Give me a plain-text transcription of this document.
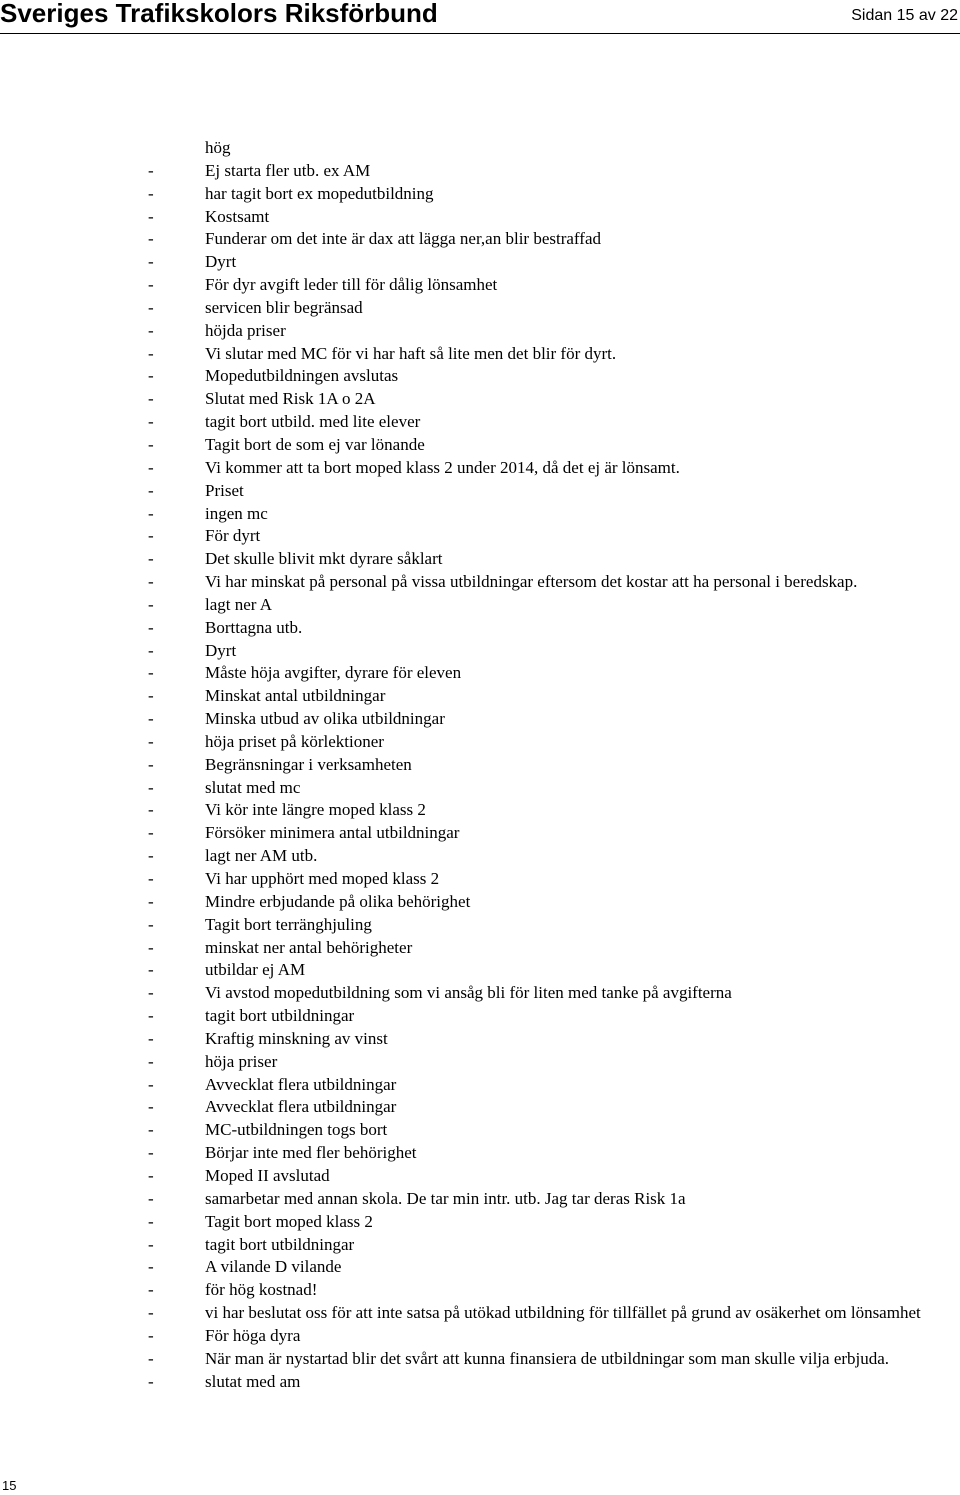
Sveriges Trafikskolors Riksförbund	Sidan 15 av 22
hög
-	Ej starta fler utb. ex AM
-	har tagit bort ex mopedutbildning
-	Kostsamt
-	Funderar om det inte är dax att lägga ner,an blir bestraffad
-	Dyrt
-	För dyr avgift leder till för dålig lönsamhet
-	servicen blir begränsad
-	höjda priser
-	Vi slutar med MC för vi har haft så lite men det blir för dyrt.
-	Mopedutbildningen avslutas
-	Slutat med Risk 1A o 2A
-	tagit bort utbild. med lite elever
-	Tagit bort de som ej var lönande
-	Vi kommer att ta bort moped klass 2 under 2014, då det ej är lönsamt.
-	Priset
-	ingen mc
-	För dyrt
-	Det skulle blivit mkt dyrare såklart
-	Vi har minskat på personal på vissa utbildningar eftersom det kostar att ha personal i beredskap.
-	lagt ner A
-	Borttagna utb.
-	Dyrt
-	Måste höja avgifter, dyrare för eleven
-	Minskat antal utbildningar
-	Minska utbud av olika utbildningar
-	höja priset på körlektioner
-	Begränsningar i verksamheten
-	slutat med mc
-	Vi kör inte längre moped klass 2
-	Försöker minimera antal utbildningar
-	lagt ner AM utb.
-	Vi har upphört med moped klass 2
-	Mindre erbjudande på olika behörighet
-	Tagit bort terränghjuling
-	minskat ner antal behörigheter
-	utbildar ej AM
-	Vi avstod mopedutbildning som vi ansåg bli för liten med tanke på avgifterna
-	tagit bort utbildningar
-	Kraftig minskning av vinst
-	höja priser
-	Avvecklat flera utbildningar
-	Avvecklat flera utbildningar
-	MC-utbildningen togs bort
-	Börjar inte med fler behörighet
-	Moped II avslutad
-	samarbetar med annan skola. De tar min intr. utb. Jag tar deras Risk 1a
-	Tagit bort moped klass 2
-	tagit bort utbildningar
-	A vilande D vilande
-	för hög kostnad!
-	vi har beslutat oss för att inte satsa på utökad utbildning för tillfället på grund av osäkerhet om lönsamhet
-	För höga dyra
-	När man är nystartad blir det svårt att kunna finansiera de utbildningar som man skulle vilja erbjuda.
-	slutat med am
15
